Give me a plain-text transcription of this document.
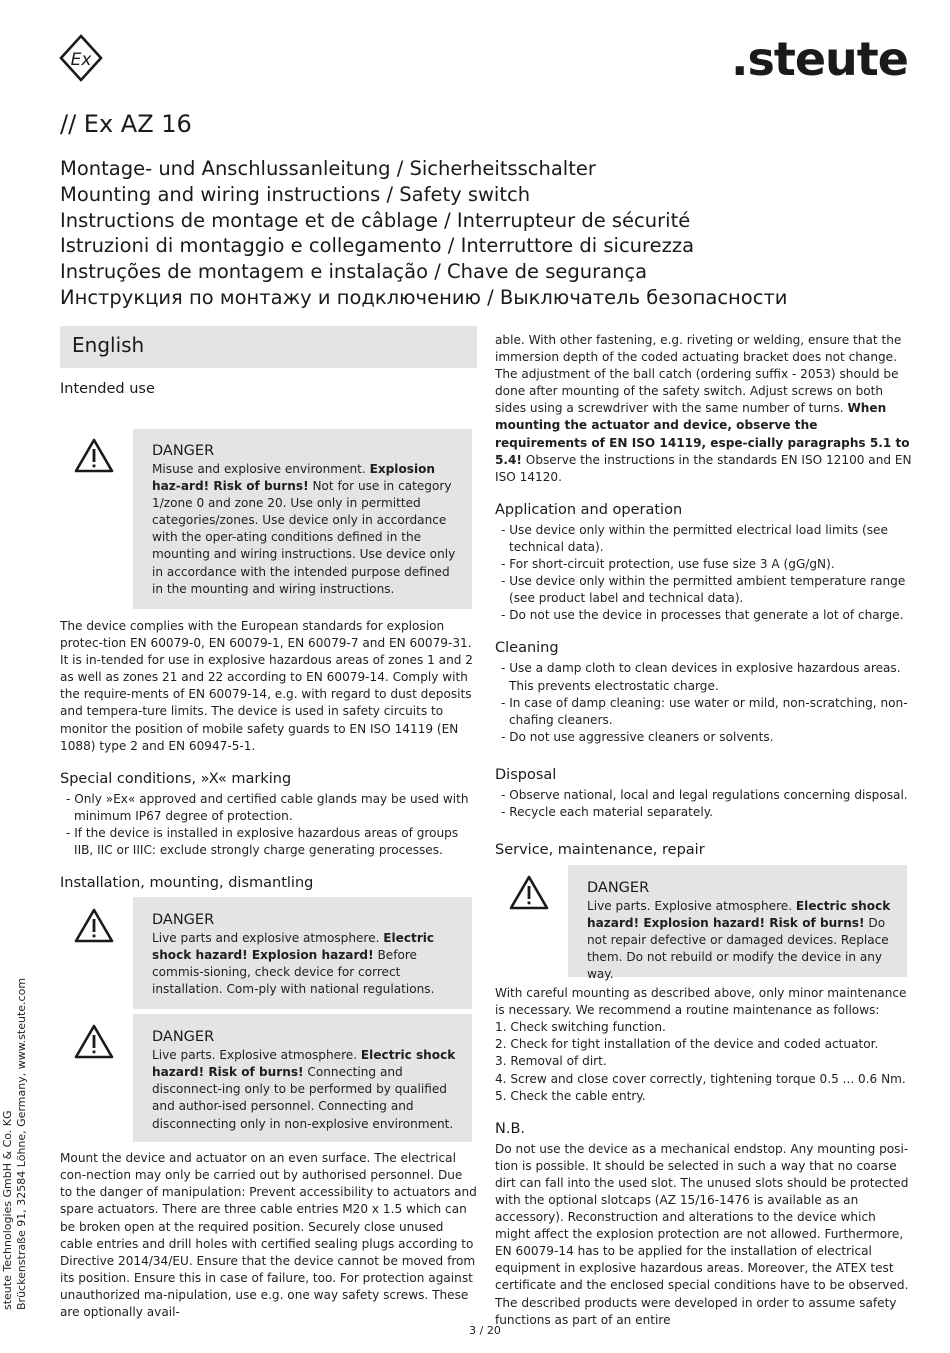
Ex	.steute
// Ex AZ 16
Montage- und Anschlussanleitung / Sicherheitsschalter
Mounting and wiring instructions / Safety switch
Instructions de montage et de câblage / Interrupteur de sécurité
Istruzioni di montaggio e collegamento / Interruttore di sicurezza
Instruções de montagem e instalação / Chave de segurança
Инструкция по монтажу и подключению / Выключатель безопасности
English
Intended use
DANGER
Misuse and explosive environment. Explosion haz-ard! Risk of burns! Not for use in category 1/zone 0 and zone 20. Use only in permitted categories/zones. Use device only in accordance with the oper-ating conditions defined in the mounting and wiring instructions. Use device only in accordance with the intended purpose defined in the mounting and wiring instructions.

The device complies with the European standards for explosion protec-tion EN 60079-0, EN 60079-1, EN 60079-7 and EN 60079-31. It is in-tended for use in explosive hazardous areas of zones 1 and 2 as well as zones 21 and 22 according to EN 60079-14. Comply with the require-ments of EN 60079-14, e.g. with regard to dust deposits and tempera-ture limits. The device is used in safety circuits to monitor the position of mobile safety guards to EN ISO 14119 (EN 1088) type 2 and EN 60947-5-1.

Special conditions, »X« marking
- Only »Ex« approved and certified cable glands may be used with minimum IP67 degree of protection.
- If the device is installed in explosive hazardous areas of groups IIB, IIC or IIIC: exclude strongly charge generating processes.
Installation, mounting, dismantling
DANGER
Live parts and explosive atmosphere. Electric shock hazard! Explosion hazard! Before commis-sioning, check device for correct installation. Com-ply with national regulations.
DANGER
Live parts. Explosive atmosphere. Electric shock hazard! Risk of burns! Connecting and disconnect-ing only to be performed by qualified and author-ised personnel. Connecting and disconnecting only in non-explosive environment.

Mount the device and actuator on an even surface. The electrical con-nection may only be carried out by authorised personnel. Due to the danger of manipulation: Prevent accessibility to actuators and spare actuators. There are three cable entries M20 x 1.5 which can be broken open at the required position. Securely close unused cable entries and drill holes with certified sealing plugs according to Directive 2014/34/EU. Ensure that the device cannot be moved from its position. Ensure this in case of failure, too. For protection against unauthorized ma-nipulation, use e.g. one way safety screws. These are optionally avail-

able. With other fastening, e.g. riveting or welding, ensure that the immersion depth of the coded actuating bracket does not change. The adjustment of the ball catch (ordering suffix - 2053) should be done after mounting of the safety switch. Adjust screws on both sides using a screwdriver with the same number of turns. When mounting the actuator and device, observe the requirements of EN ISO 14119, espe-cially paragraphs 5.1 to 5.4! Observe the instructions in the standards EN ISO 12100 and EN ISO 14120.

Application and operation
- Use device only within the permitted electrical load limits (see technical data).
- For short-circuit protection, use fuse size 3 A (gG/gN).
- Use device only within the permitted ambient temperature range (see product label and technical data).
- Do not use the device in processes that generate a lot of charge.
Cleaning
- Use a damp cloth to clean devices in explosive hazardous areas. This prevents electrostatic charge.
- In case of damp cleaning: use water or mild, non-scratching, non-chafing cleaners.
- Do not use aggressive cleaners or solvents.
Disposal
- Observe national, local and legal regulations concerning disposal.
- Recycle each material separately.
Service, maintenance, repair
DANGER
Live parts. Explosive atmosphere. Electric shock hazard! Explosion hazard! Risk of burns! Do not repair defective or damaged devices. Replace them. Do not rebuild or modify the device in any way.

With careful mounting as described above, only minor maintenance is necessary. We recommend a routine maintenance as follows:

1. Check switching function.
2. Check for tight installation of the device and coded actuator.
3. Removal of dirt.
4. Screw and close cover correctly, tightening torque 0.5 ... 0.6 Nm.
5. Check the cable entry.
N.B.

Do not use the device as a mechanical endstop. Any mounting posi-tion is possible. It should be selected in such a way that no coarse dirt can fall into the used slot. The unused slots should be protected with the optional slotcaps (AZ 15/16-1476 is available as an accessory). Reconstruction and alterations to the device which might affect the explosion protection are not allowed. Furthermore, EN 60079-14 has to be applied for the installation of electrical equipment in explosive hazardous areas. Moreover, the ATEX test certificate and the enclosed special conditions have to be observed. The described products were developed in order to assume safety functions as part of an entire

steute Technologies GmbH & Co. KG Brückenstraße 91, 32584 Löhne, Germany, www.steute.com
3 / 20
